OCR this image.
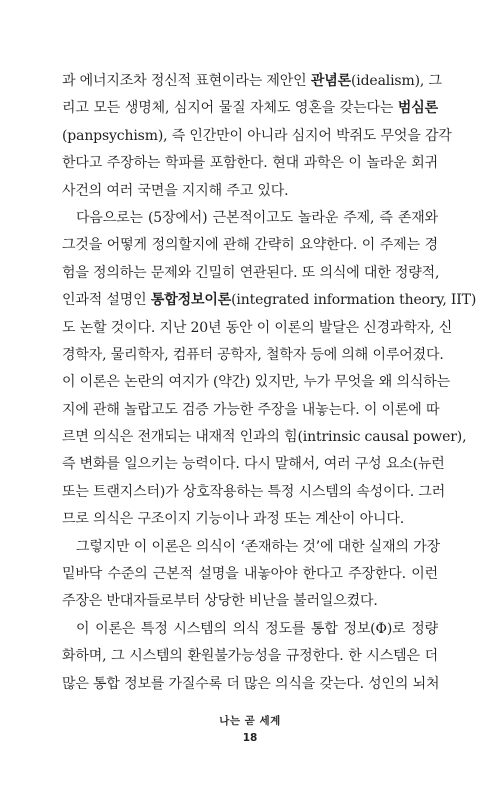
과 에너지조차 정신적 표현이라는 제안인 관념론(idealism), 그
리고 모든 생명체, 심지어 물질 자체도 영혼을 갖는다는 범심론
(panpsychism), 즉 인간만이 아니라 심지어 박쥐도 무엇을 감각
한다고 주장하는 학파를 포함한다. 현대 과학은 이 놀라운 회귀
사건의 여러 국면을 지지해 주고 있다.
다음으로는 (5장에서) 근본적이고도 놀라운 주제, 즉 존재와
그것을 어떻게 정의할지에 관해 간략히 요약한다. 이 주제는 경
험을 정의하는 문제와 긴밀히 연관된다. 또 의식에 대한 정량적,
인과적 설명인 통합정보이론(integrated information theory, IIT)
도 논할 것이다. 지난 20년 동안 이 이론의 발달은 신경과학자, 신
경학자, 물리학자, 컴퓨터 공학자, 철학자 등에 의해 이루어졌다.
이 이론은 논란의 여지가 (약간) 있지만, 누가 무엇을 왜 의식하는
지에 관해 놀랍고도 검증 가능한 주장을 내놓는다. 이 이론에 따
르면 의식은 전개되는 내재적 인과의 힘(intrinsic causal power),
즉 변화를 일으키는 능력이다. 다시 말해서, 여러 구성 요소(뉴런
또는 트랜지스터)가 상호작용하는 특정 시스템의 속성이다. 그러
므로 의식은 구조이지 기능이나 과정 또는 계산이 아니다.
그렇지만 이 이론은 의식이 ‘존재하는 것’에 대한 실재의 가장
밑바닥 수준의 근본적 설명을 내놓아야 한다고 주장한다. 이런
주장은 반대자들로부터 상당한 비난을 불러일으켰다.
이 이론은 특정 시스템의 의식 정도를 통합 정보(Φ)로 정량
화하며, 그 시스템의 환원불가능성을 규정한다. 한 시스템은 더
많은 통합 정보를 가질수록 더 많은 의식을 갖는다. 성인의 뇌처
나는 곧 세계
18
